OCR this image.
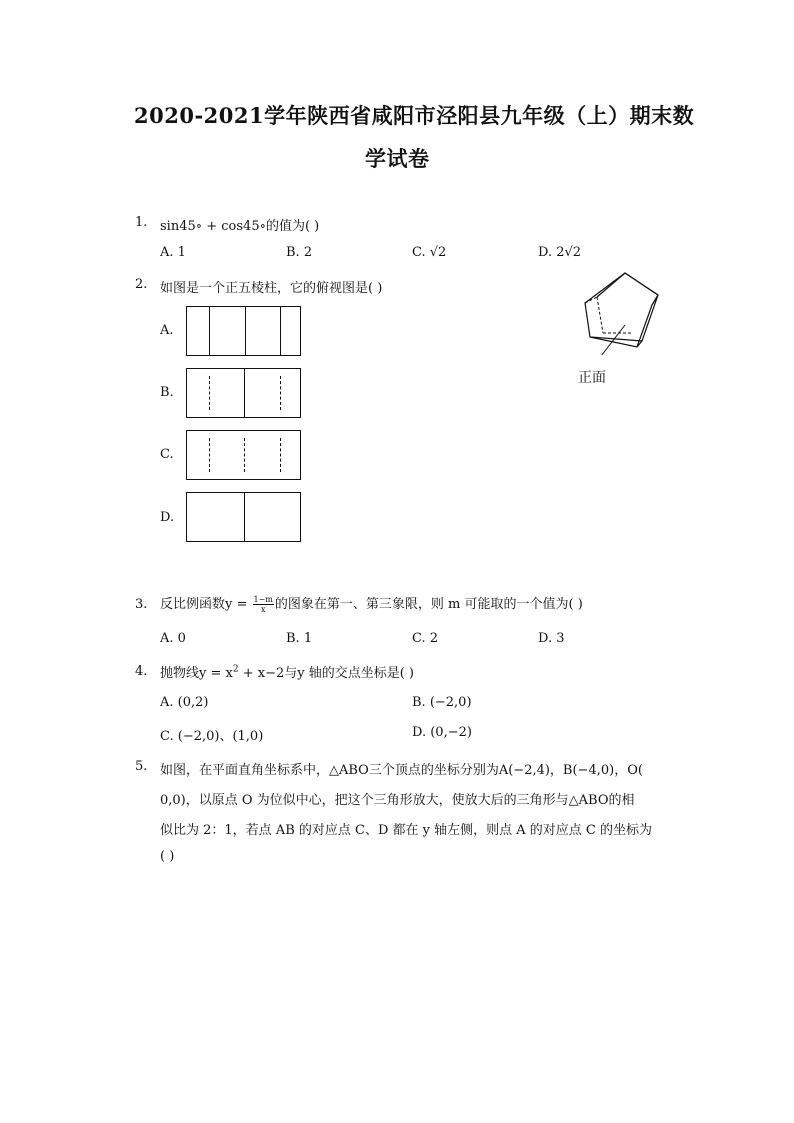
2020-2021学年陕西省咸阳市泾阳县九年级（上）期末数
学试卷
1. sin45∘ + cos45∘的值为( )
A. 1	B. 2	C. √2	D. 2√2
2. 如图是一个正五棱柱，它的俯视图是( )
A.
B.
C.
D.
正面
3. 反比例函数$y = \frac{1-m}{x}$ 的图象在第一、第三象限，则 m 可能取的一个值为( )
A. 0	B. 1	C. 2	D. 3
4. 抛物线$y = x^2 + x-2$与y 轴的交点坐标是( )
A. (0,2)	B. (−2,0)
C. (−2,0)、(1,0)	D. (0,−2)
5. 如图，在平面直角坐标系中，△ABO三个顶点的坐标分别为A(−2,4)，B(−4,0)，O(
0,0)，以原点 O 为位似中心，把这个三角形放大，使放大后的三角形与△ABO的相
似比为 2：1，若点 AB 的对应点 C、D 都在 y 轴左侧，则点 A 的对应点 C 的坐标为
( )
